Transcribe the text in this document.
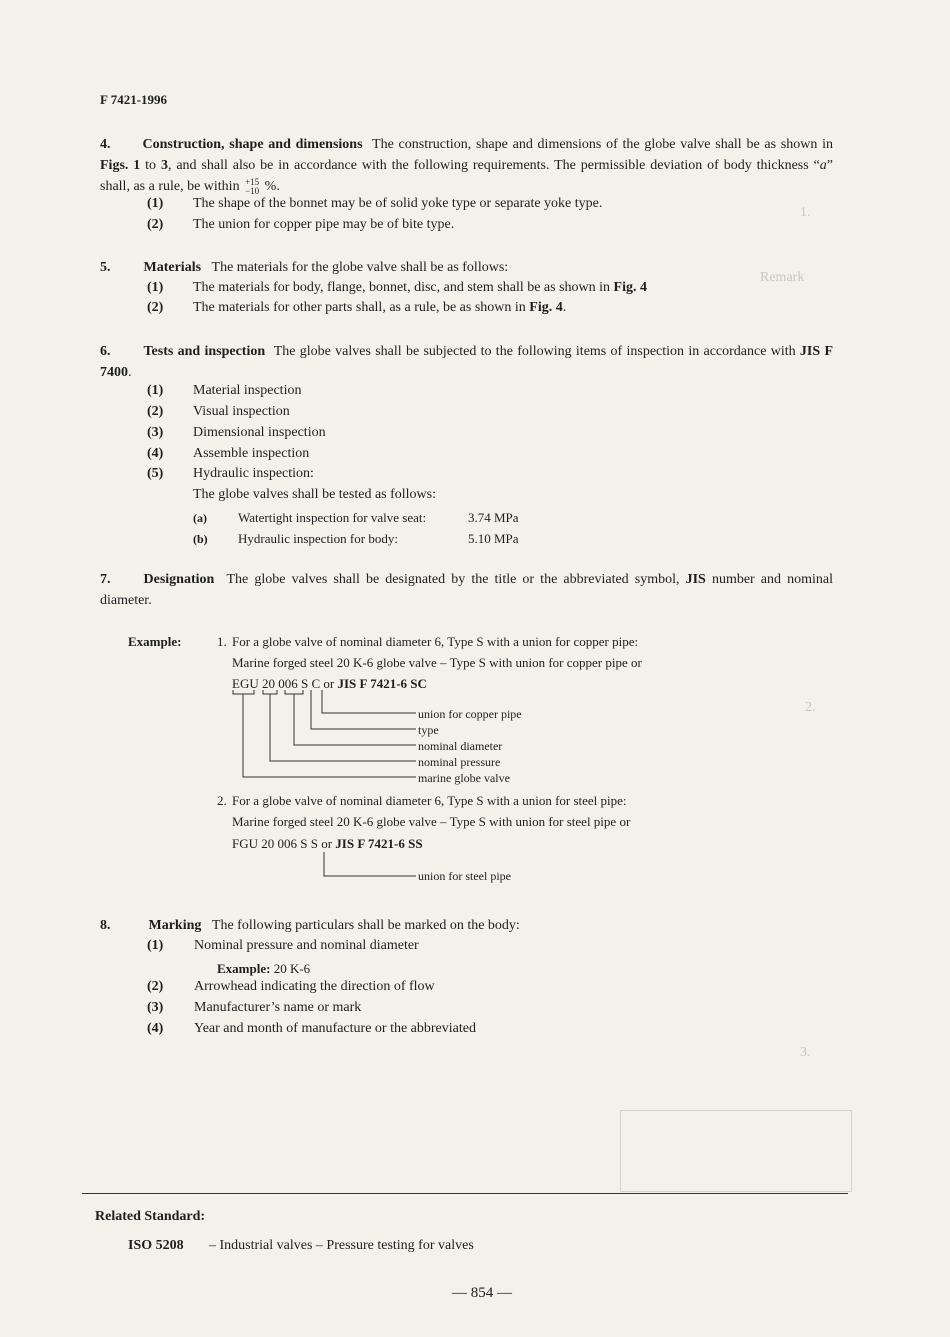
1.
Remark
2.
3.
F 7421-1996
4. Construction, shape and dimensions The construction, shape and dimensions of the globe valve shall be as shown in Figs. 1 to 3, and shall also be in accordance with the following requirements. The permissible deviation of body thickness “a” shall, as a rule, be within +15
−10 %.
(1) The shape of the bonnet may be of solid yoke type or separate yoke type.
(2) The union for copper pipe may be of bite type.
5. Materials The materials for the globe valve shall be as follows:
(1) The materials for body, flange, bonnet, disc, and stem shall be as shown in Fig. 4
(2) The materials for other parts shall, as a rule, be as shown in Fig. 4.
6. Tests and inspection The globe valves shall be subjected to the following items of inspection in accordance with JIS F 7400.
(1) Material inspection
(2) Visual inspection
(3) Dimensional inspection
(4) Assemble inspection
(5) Hydraulic inspection:
The globe valves shall be tested as follows:
(a) Watertight inspection for valve seat:	3.74 MPa
(b) Hydraulic inspection for body:	5.10 MPa
7. Designation The globe valves shall be designated by the title or the abbreviated symbol, JIS number and nominal diameter.
Example:	1. For a globe valve of nominal diameter 6, Type S with a union for copper pipe:
Marine forged steel 20 K-6 globe valve – Type S with union for copper pipe or
EGU 20 006 S C or JIS F 7421-6 SC
union for copper pipe
type
nominal diameter
nominal pressure
marine globe valve
2. For a globe valve of nominal diameter 6, Type S with a union for steel pipe:
Marine forged steel 20 K-6 globe valve – Type S with union for steel pipe or
FGU 20 006 S S or JIS F 7421-6 SS
union for steel pipe
8.	Marking The following particulars shall be marked on the body:
(1) Nominal pressure and nominal diameter
Example: 20 K-6
(2) Arrowhead indicating the direction of flow
(3) Manufacturer’s name or mark
(4) Year and month of manufacture or the abbreviated
Related Standard:
ISO 5208 – Industrial valves – Pressure testing for valves
— 854 —
